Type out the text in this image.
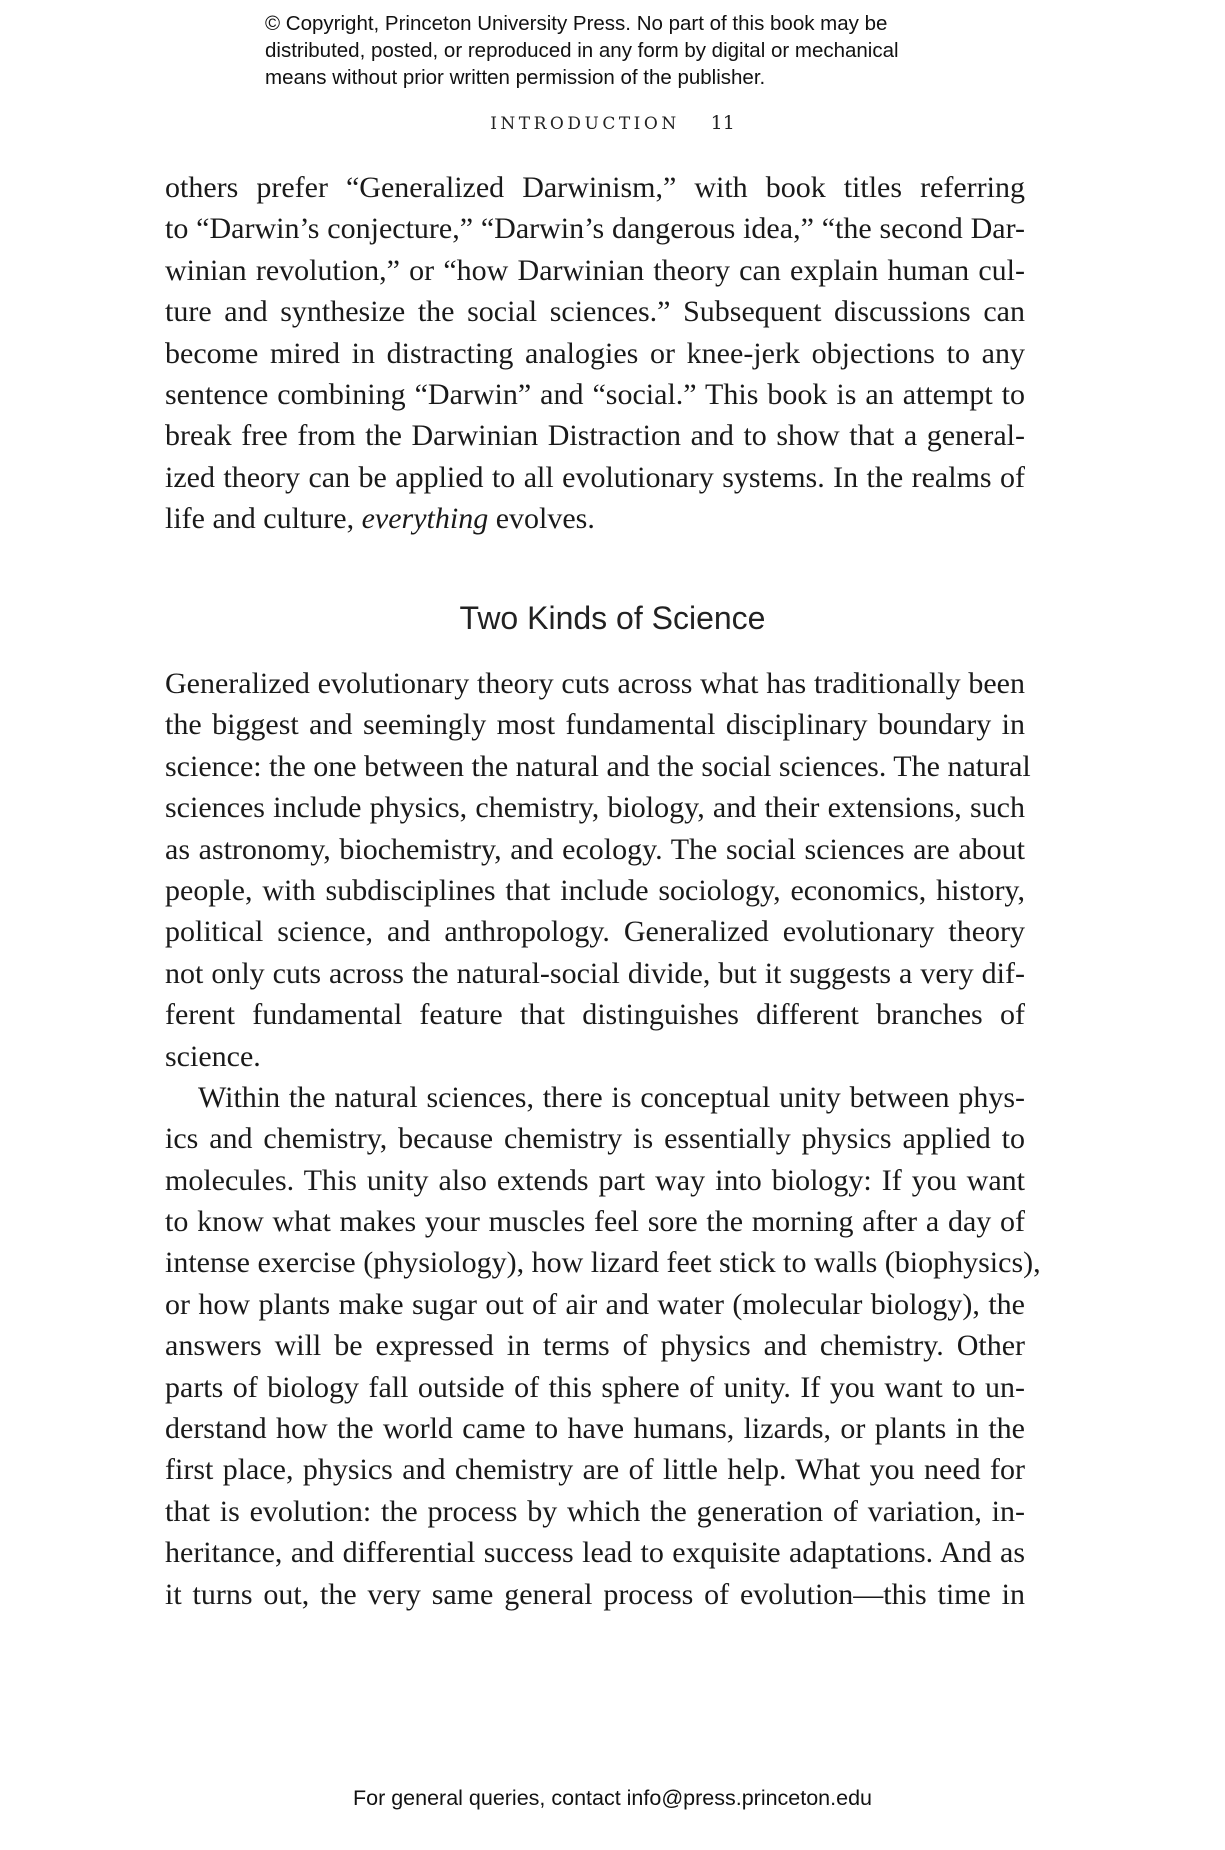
© Copyright, Princeton University Press. No part of this book may be
distributed, posted, or reproduced in any form by digital or mechanical
means without prior written permission of the publisher.
INTRODUCTION 11
others prefer “Generalized Darwinism,” with book titles referring
to “Darwin’s conjecture,” “Darwin’s dangerous idea,” “the second Dar-
winian revolution,” or “how Darwinian theory can explain human cul-
ture and synthesize the social sciences.” Subsequent discussions can
become mired in distracting analogies or knee-jerk objections to any
sentence combining “Darwin” and “social.” This book is an attempt to
break free from the Darwinian Distraction and to show that a general-
ized theory can be applied to all evolutionary systems. In the realms of
life and culture, everything evolves.
Two Kinds of Science
Generalized evolutionary theory cuts across what has traditionally been
the biggest and seemingly most fundamental disciplinary boundary in
science: the one between the natural and the social sciences. The natural
sciences include physics, chemistry, biology, and their extensions, such
as astronomy, biochemistry, and ecology. The social sciences are about
people, with subdisciplines that include sociology, economics, history,
political science, and anthropology. Generalized evolutionary theory
not only cuts across the natural-social divide, but it suggests a very dif-
ferent fundamental feature that distinguishes different branches of
science.
Within the natural sciences, there is conceptual unity between phys-
ics and chemistry, because chemistry is essentially physics applied to
molecules. This unity also extends part way into biology: If you want
to know what makes your muscles feel sore the morning after a day of
intense exercise (physiology), how lizard feet stick to walls (biophysics),
or how plants make sugar out of air and water (molecular biology), the
answers will be expressed in terms of physics and chemistry. Other
parts of biology fall outside of this sphere of unity. If you want to un-
derstand how the world came to have humans, lizards, or plants in the
first place, physics and chemistry are of little help. What you need for
that is evolution: the process by which the generation of variation, in-
heritance, and differential success lead to exquisite adaptations. And as
it turns out, the very same general process of evolution—this time in
For general queries, contact info@press.princeton.edu
